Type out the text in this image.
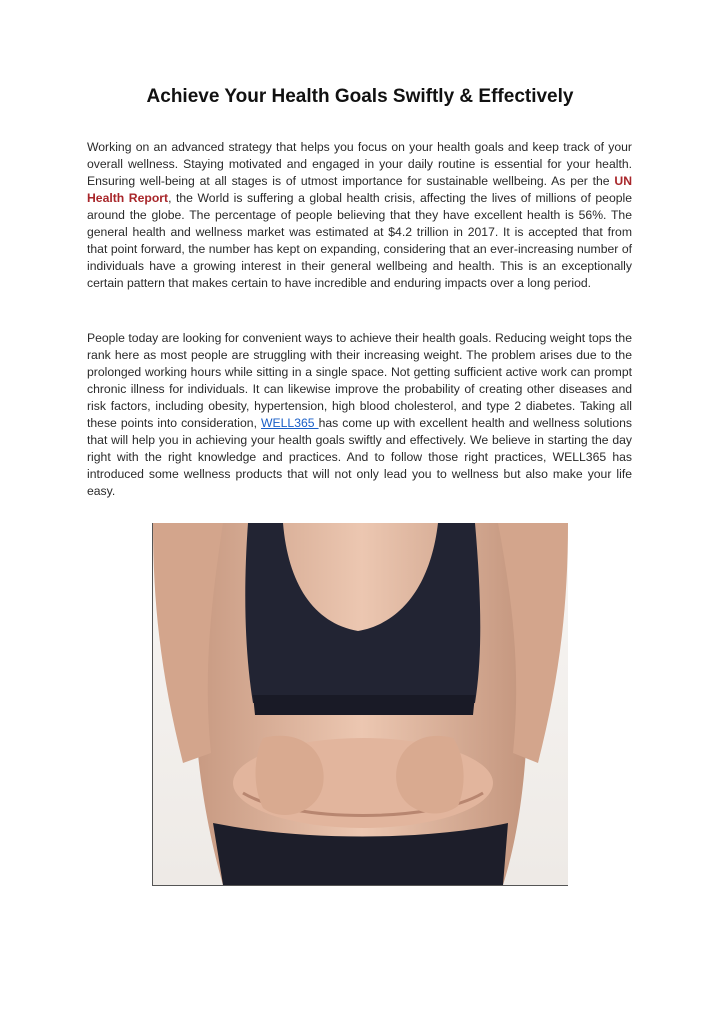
Achieve Your Health Goals Swiftly & Effectively

Working on an advanced strategy that helps you focus on your health goals and keep track of your overall wellness. Staying motivated and engaged in your daily routine is essential for your health. Ensuring well-being at all stages is of utmost importance for sustainable wellbeing. As per the UN Health Report, the World is suffering a global health crisis, affecting the lives of millions of people around the globe. The percentage of people believing that they have excellent health is 56%. The general health and wellness market was estimated at $4.2 trillion in 2017. It is accepted that from that point forward, the number has kept on expanding, considering that an ever-increasing number of individuals have a growing interest in their general wellbeing and health. This is an exceptionally certain pattern that makes certain to have incredible and enduring impacts over a long period.

People today are looking for convenient ways to achieve their health goals. Reducing weight tops the rank here as most people are struggling with their increasing weight. The problem arises due to the prolonged working hours while sitting in a single space. Not getting sufficient active work can prompt chronic illness for individuals. It can likewise improve the probability of creating other diseases and risk factors, including obesity, hypertension, high blood cholesterol, and type 2 diabetes. Taking all these points into consideration, WELL365 has come up with excellent health and wellness solutions that will help you in achieving your health goals swiftly and effectively. We believe in starting the day right with the right knowledge and practices. And to follow those right practices, WELL365 has introduced some wellness products that will not only lead you to wellness but also make your life easy.
